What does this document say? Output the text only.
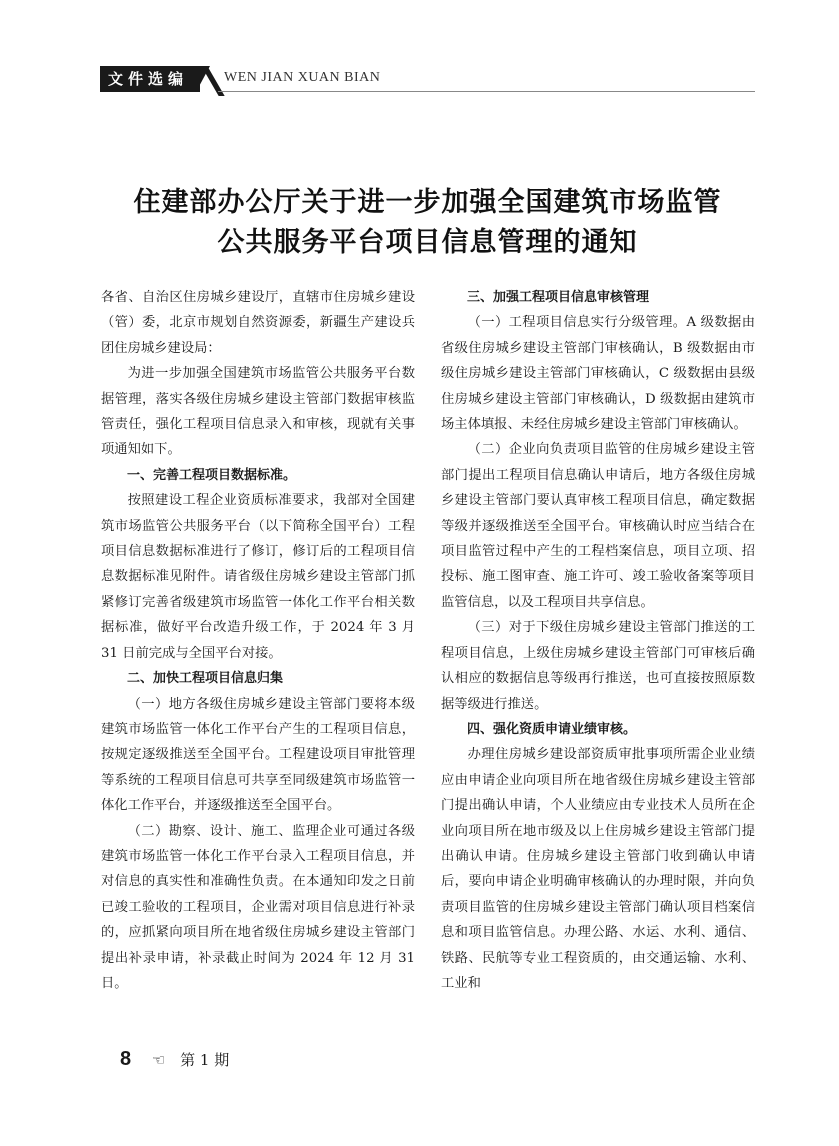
文件选编	WEN JIAN XUAN BIAN
住建部办公厅关于进一步加强全国建筑市场监管
公共服务平台项目信息管理的通知

各省、自治区住房城乡建设厅，直辖市住房城乡建设（管）委，北京市规划自然资源委，新疆生产建设兵团住房城乡建设局：

为进一步加强全国建筑市场监管公共服务平台数据管理，落实各级住房城乡建设主管部门数据审核监管责任，强化工程项目信息录入和审核，现就有关事项通知如下。

一、完善工程项目数据标准。

按照建设工程企业资质标准要求，我部对全国建筑市场监管公共服务平台（以下简称全国平台）工程项目信息数据标准进行了修订，修订后的工程项目信息数据标准见附件。请省级住房城乡建设主管部门抓紧修订完善省级建筑市场监管一体化工作平台相关数据标准，做好平台改造升级工作，于 2024 年 3 月 31 日前完成与全国平台对接。

二、加快工程项目信息归集

（一）地方各级住房城乡建设主管部门要将本级建筑市场监管一体化工作平台产生的工程项目信息，按规定逐级推送至全国平台。工程建设项目审批管理等系统的工程项目信息可共享至同级建筑市场监管一体化工作平台，并逐级推送至全国平台。

（二）勘察、设计、施工、监理企业可通过各级建筑市场监管一体化工作平台录入工程项目信息，并对信息的真实性和准确性负责。在本通知印发之日前已竣工验收的工程项目，企业需对项目信息进行补录的，应抓紧向项目所在地省级住房城乡建设主管部门提出补录申请，补录截止时间为 2024 年 12 月 31 日。

三、加强工程项目信息审核管理

（一）工程项目信息实行分级管理。A 级数据由省级住房城乡建设主管部门审核确认，B 级数据由市级住房城乡建设主管部门审核确认，C 级数据由县级住房城乡建设主管部门审核确认，D 级数据由建筑市场主体填报、未经住房城乡建设主管部门审核确认。

（二）企业向负责项目监管的住房城乡建设主管部门提出工程项目信息确认申请后，地方各级住房城乡建设主管部门要认真审核工程项目信息，确定数据等级并逐级推送至全国平台。审核确认时应当结合在项目监管过程中产生的工程档案信息，项目立项、招投标、施工图审查、施工许可、竣工验收备案等项目监管信息，以及工程项目共享信息。

（三）对于下级住房城乡建设主管部门推送的工程项目信息，上级住房城乡建设主管部门可审核后确认相应的数据信息等级再行推送，也可直接按照原数据等级进行推送。

四、强化资质申请业绩审核。

办理住房城乡建设部资质审批事项所需企业业绩应由申请企业向项目所在地省级住房城乡建设主管部门提出确认申请，个人业绩应由专业技术人员所在企业向项目所在地市级及以上住房城乡建设主管部门提出确认申请。住房城乡建设主管部门收到确认申请后，要向申请企业明确审核确认的办理时限，并向负责项目监管的住房城乡建设主管部门确认项目档案信息和项目监管信息。办理公路、水运、水利、通信、铁路、民航等专业工程资质的，由交通运输、水利、工业和

8 ☜ 第 1 期
